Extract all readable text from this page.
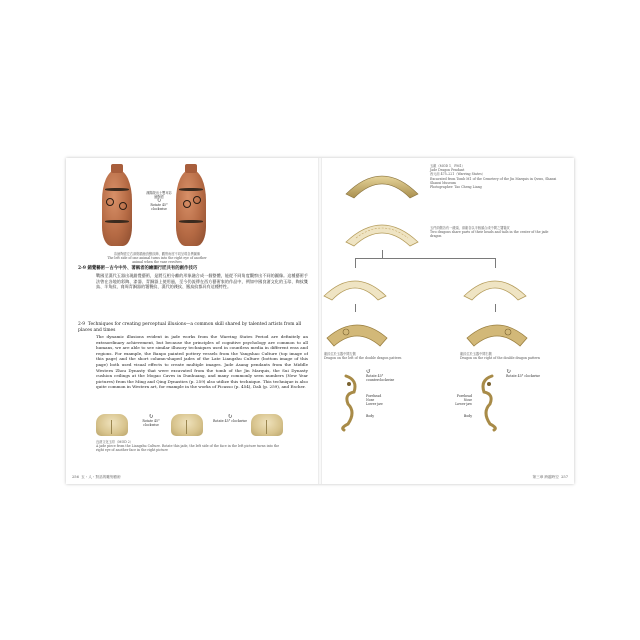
漢陽陵出土雙耳彩繪陶壺
↻
Rotate 45° clockwise
彩繪陶壺左右兩側描繪鳥獸紋飾，觀察角度不同呈現各異圖像
The left side of one animal turns into the right eye of another animal when the vase revolves
2-9 錯覺藝術－古今中外、著稱者的繪圖行匠共有的創作技巧
戰國至漢代玉器出現錯覺藝術，是將互相分離的形象融合成一個整體，能從不同角度觀察出不同的圖像。這種藝術手法曾在各地的彩陶、漆器、青銅器上使用過，至今仍流傳在西方藝術家的作品中，例如中國良渚文化的玉琮、陶紋雙鳥、羊角紋、商周青銅器的饕餮紋、漢代的錢紋、鳳鳥紋都具有這種特性。
2-9  Techniques for creating perceptual illusions—a common skill shared by talented artists from all places and times
The dynamic illusions evident in jade works from the Warring States Period are definitely an extraordinary achievement, but because the principles of cognitive psychology are common to all humans, we are able to see similar illusory techniques used in countless media in different eras and regions. For example, the Banpo painted pottery vessels from the Yangshao Culture (top image of this page) and the short column-shaped jades of the Late Liangzhu Culture (bottom image of this page) both used visual effects to create multiple images. Jade Asang pendants from the Middle Western Zhou Dynasty that were excavated from the tomb of the Jin Marquis, the Sui Dynasty cushion ceilings at the Mogao Caves in Dunhuang, and many commonly seen numbers (New Year pictures) from the Ming and Qing Dynasties (p. 259) also utilize this technique. This technique is also quite common in Western art, for example in the works of Picasso (p. 454), Dali (p. 259), and Escher.
↻
Rotate 45° clockwise
↻
Rotate 45° clockwise
良渚文化玉琮（MOD 2）
A jade piece from the Liangzhu Culture. Rotate this jade, the left side of the face in the left picture turns into the right eye of another face in the right picture
256 玉・人・對話的雕刻藝術
玉龍（MOD 1、PM1）
Jade Dragon Pendant
西元前 475–221（Warring States）
Excavated from Tomb M1 of the Cemetery of the Jin Marquis in Quwo, Shanxi
Shanxi Museum
Photographer: Tao Cheng Liang
玉件兩側各有一龍頭，兩龍各以半個頭合成中間之饕餮紋
Two dragons share parts of their heads and tails in the center of the jade dragon
龍紋位於玉器中間左側
Dragon on the left of the double dragon pattern
龍紋位於玉器中間右側
Dragon on the right of the double dragon pattern
↺
Rotate 45° counterclockwise
↻
Rotate 45° clockwise
Forehead
Nose
Lower jaw
Body
Forehead
Nose
Lower jaw
Body
第三章 跨越時空 257
